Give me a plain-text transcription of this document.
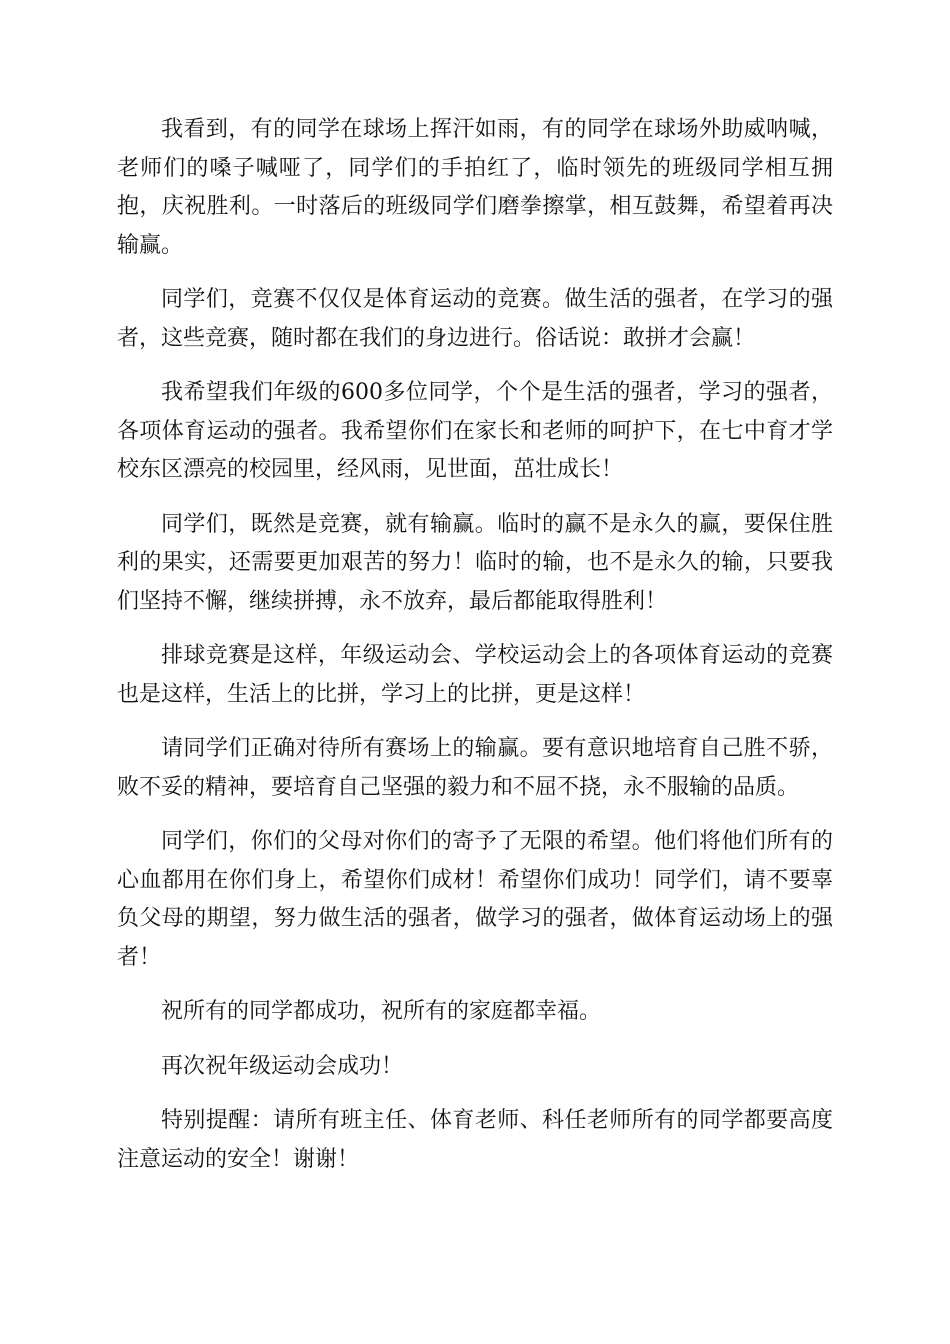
我看到，有的同学在球场上挥汗如雨，有的同学在球场外助威呐喊，老师们的嗓子喊哑了，同学们的手拍红了，临时领先的班级同学相互拥抱，庆祝胜利。一时落后的班级同学们磨拳擦掌，相互鼓舞，希望着再决输赢。

同学们，竞赛不仅仅是体育运动的竞赛。做生活的强者，在学习的强者，这些竞赛，随时都在我们的身边进行。俗话说：敢拼才会赢！

我希望我们年级的600多位同学，个个是生活的强者，学习的强者，各项体育运动的强者。我希望你们在家长和老师的呵护下，在七中育才学校东区漂亮的校园里，经风雨，见世面，茁壮成长！

同学们，既然是竞赛，就有输赢。临时的赢不是永久的赢，要保住胜利的果实，还需要更加艰苦的努力！临时的输，也不是永久的输，只要我们坚持不懈，继续拼搏，永不放弃，最后都能取得胜利！

排球竞赛是这样，年级运动会、学校运动会上的各项体育运动的竞赛也是这样，生活上的比拼，学习上的比拼，更是这样！

请同学们正确对待所有赛场上的输赢。要有意识地培育自己胜不骄，败不妥的精神，要培育自己坚强的毅力和不屈不挠，永不服输的品质。

同学们，你们的父母对你们的寄予了无限的希望。他们将他们所有的心血都用在你们身上，希望你们成材！希望你们成功！同学们，请不要辜负父母的期望，努力做生活的强者，做学习的强者，做体育运动场上的强者！

祝所有的同学都成功，祝所有的家庭都幸福。

再次祝年级运动会成功！

特别提醒：请所有班主任、体育老师、科任老师所有的同学都要高度注意运动的安全！谢谢！
